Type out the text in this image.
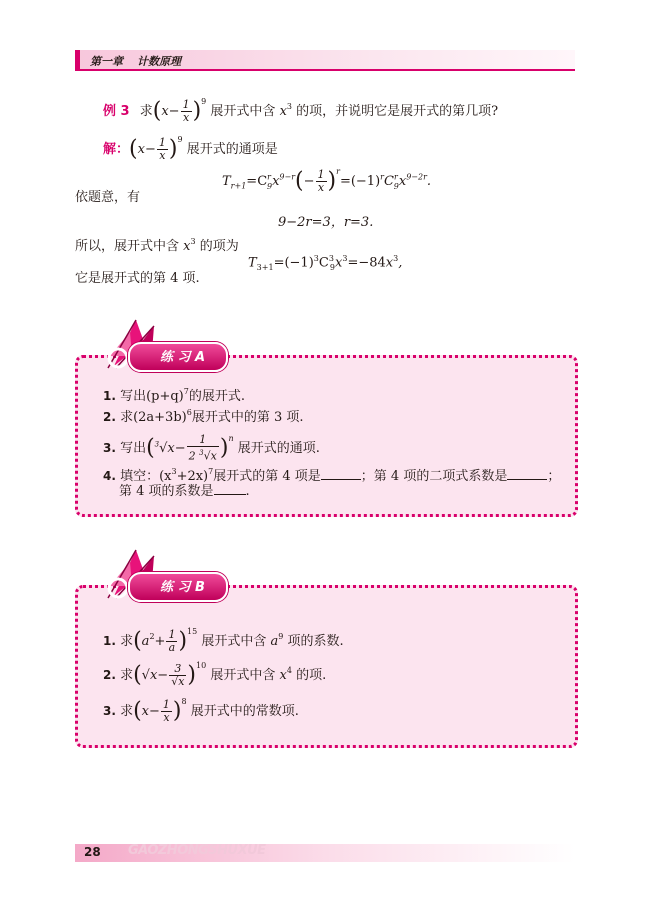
第一章 计数原理
例 3 求$(x- \frac{1}{x} )^9$ 展开式中含 $x^3$ 的项，并说明它是展开式的第几项?
解：$(x- \frac{1}{x} )^9$ 展开式的通项是
$T_{r+1}=C^r_9x^{9-r}(- \frac{1}{x} )^r=(-1)^rC^r_9x^{9-2r}$.
依题意，有
9−2r=3，r=3.
所以，展开式中含 $x^3$ 的项为
$T_{3+1}=(-1)^3C^3_9x^3=-84x^3$,
它是展开式的第 4 项.
练 习 A
1. 写出$(p+q)^7$的展开式.
2. 求$(2a+3b)^6$展开式中的第 3 项.
3. 写出$(^3√x- \frac{1}{2 ^3√x} )^n$ 展开式的通项.
4. 填空：$(x^3+2x)^7$展开式的第 4 项是	；第 4 项的二项式系数是	；
第 4 项的系数是 .
练 习 B
1. 求$(a^2+ \frac{1}{a} )^{15}$ 展开式中含 $a^9$ 项的系数.
2. 求$(√x- \frac{3}{√x} )^{10}$ 展开式中含 $x^4$ 的项.
3. 求$(x- \frac{1}{x} )^8$ 展开式中的常数项.
28 GAOZHONGSHUXUE
